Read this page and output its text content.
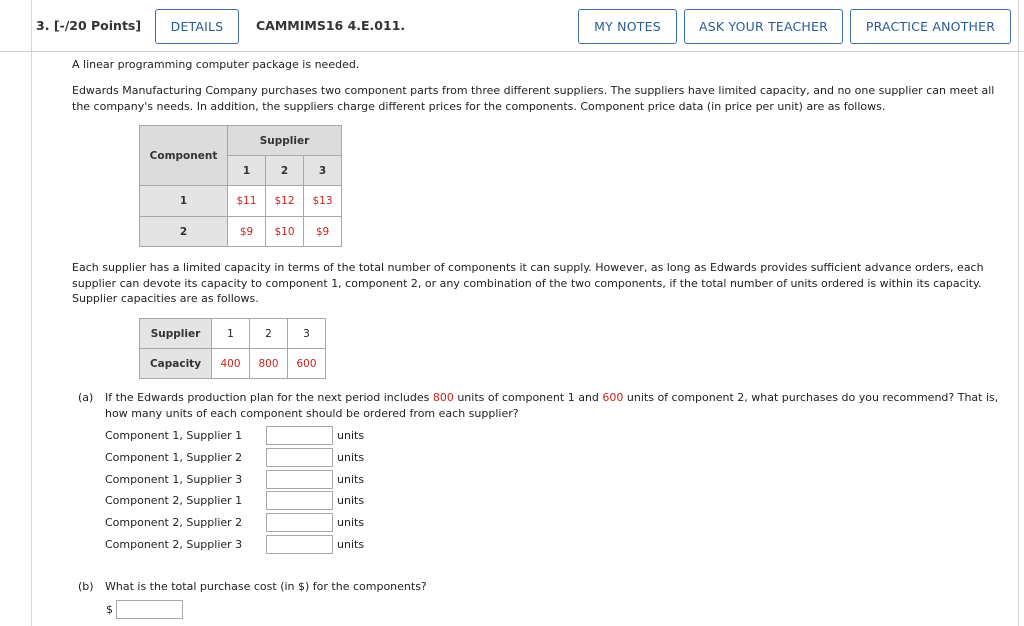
3. [-/20 Points]	DETAILS	CAMMIMS16 4.E.011.	MY NOTES	ASK YOUR TEACHER	PRACTICE ANOTHER
A linear programming computer package is needed.
Edwards Manufacturing Company purchases two component parts from three different suppliers. The suppliers have limited capacity, and no one supplier can meet all the company's needs. In addition, the suppliers charge different prices for the components. Component price data (in price per unit) are as follows.
Component	Supplier		
	1	2	3
1	$11	$12	$13
2	$9	$10	$9
Each supplier has a limited capacity in terms of the total number of components it can supply. However, as long as Edwards provides sufficient advance orders, each supplier can devote its capacity to component 1, component 2, or any combination of the two components, if the total number of units ordered is within its capacity. Supplier capacities are as follows.
Supplier	1	2	3
Capacity	400	800	600
(a) If the Edwards production plan for the next period includes 800 units of component 1 and 600 units of component 2, what purchases do you recommend? That is, how many units of each component should be ordered from each supplier?
Component 1, Supplier 1	units
Component 1, Supplier 2	units
Component 1, Supplier 3	units
Component 2, Supplier 1	units
Component 2, Supplier 2	units
Component 2, Supplier 3	units
(b) What is the total purchase cost (in $) for the components?
$
